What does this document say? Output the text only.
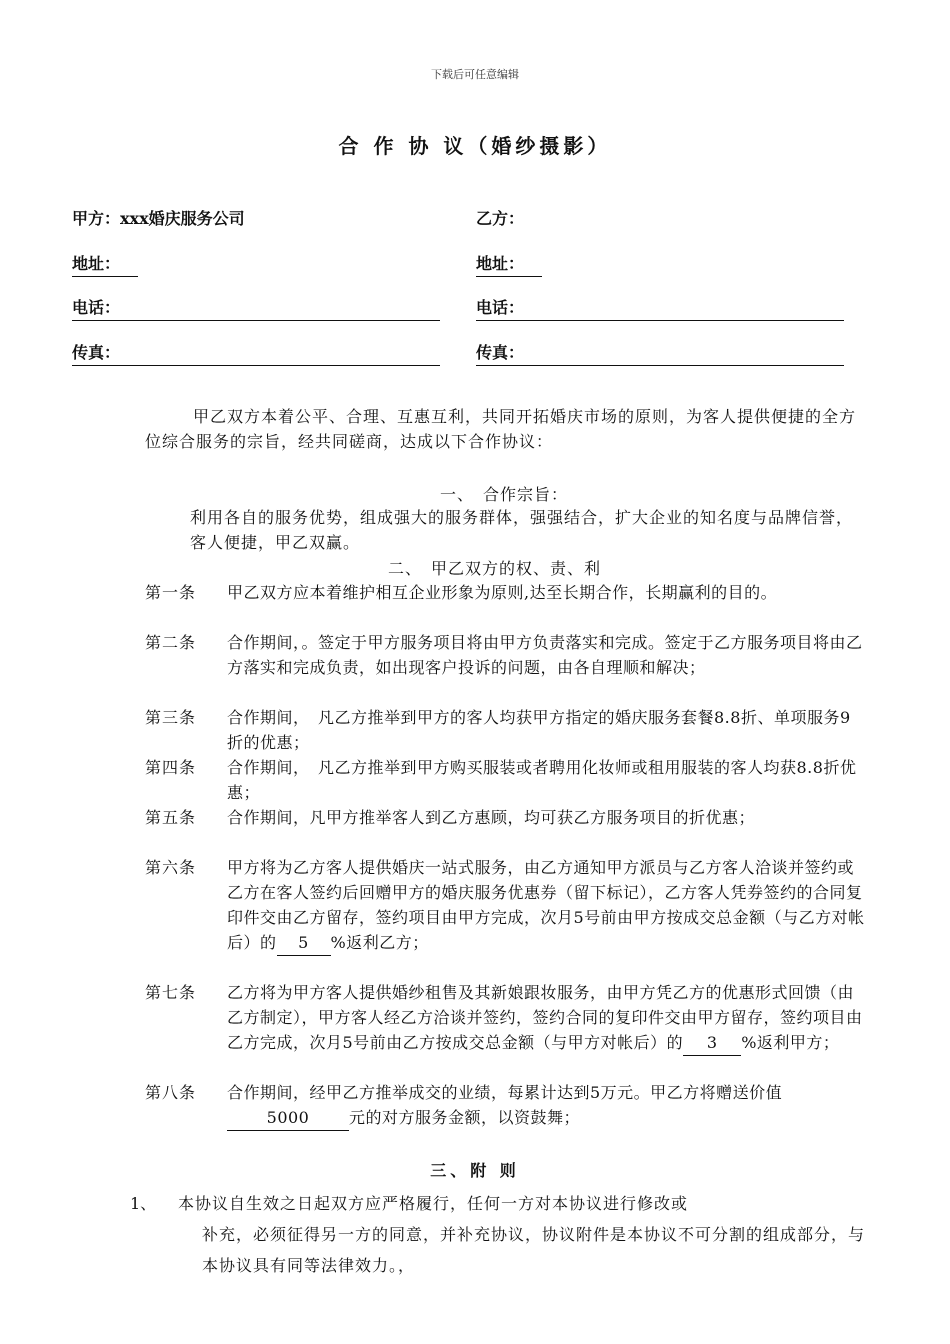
下载后可任意编辑
合 作 协 议（婚纱摄影）
甲方：xxx婚庆服务公司
地址：
电话：
传真：
乙方：
地址：
电话：
传真：
甲乙双方本着公平、合理、互惠互利，共同开拓婚庆市场的原则，为客人提供便捷的全方位综合服务的宗旨，经共同磋商，达成以下合作协议：
一、　合作宗旨：
利用各自的服务优势，组成强大的服务群体，强强结合，扩大企业的知名度与品牌信誉，客人便捷，甲乙双赢。
二、　甲乙双方的权、责、利
第一条 甲乙双方应本着维护相互企业形象为原则,达至长期合作，长期赢利的目的。
第二条 合作期间，。签定于甲方服务项目将由甲方负责落实和完成。签定于乙方服务项目将由乙方落实和完成负责，如出现客户投诉的问题，由各自理顺和解决；
第三条 合作期间，　凡乙方推举到甲方的客人均获甲方指定的婚庆服务套餐8.8折、单项服务9折的优惠；
第四条 合作期间，　凡乙方推举到甲方购买服装或者聘用化妆师或租用服装的客人均获8.8折优惠；
第五条 合作期间，凡甲方推举客人到乙方惠顾，均可获乙方服务项目的折优惠；
第六条 甲方将为乙方客人提供婚庆一站式服务，由乙方通知甲方派员与乙方客人洽谈并签约或乙方在客人签约后回赠甲方的婚庆服务优惠券（留下标记），乙方客人凭券签约的合同复印件交由乙方留存，签约项目由甲方完成，次月5号前由甲方按成交总金额（与乙方对帐后）的 5 %返利乙方；
第七条 乙方将为甲方客人提供婚纱租售及其新娘跟妆服务，由甲方凭乙方的优惠形式回馈（由乙方制定），甲方客人经乙方洽谈并签约，签约合同的复印件交由甲方留存，签约项目由乙方完成，次月5号前由乙方按成交总金额（与甲方对帐后）的 3 %返利甲方；
第八条 合作期间，经甲乙方推举成交的业绩，每累计达到5万元。甲乙方将赠送价值5000 元的对方服务金额，以资鼓舞；
三、附 则
1、 本协议自生效之日起双方应严格履行，任何一方对本协议进行修改或
补充，必须征得另一方的同意，并补充协议，协议附件是本协议不可分割的组成部分，与本协议具有同等法律效力。，
